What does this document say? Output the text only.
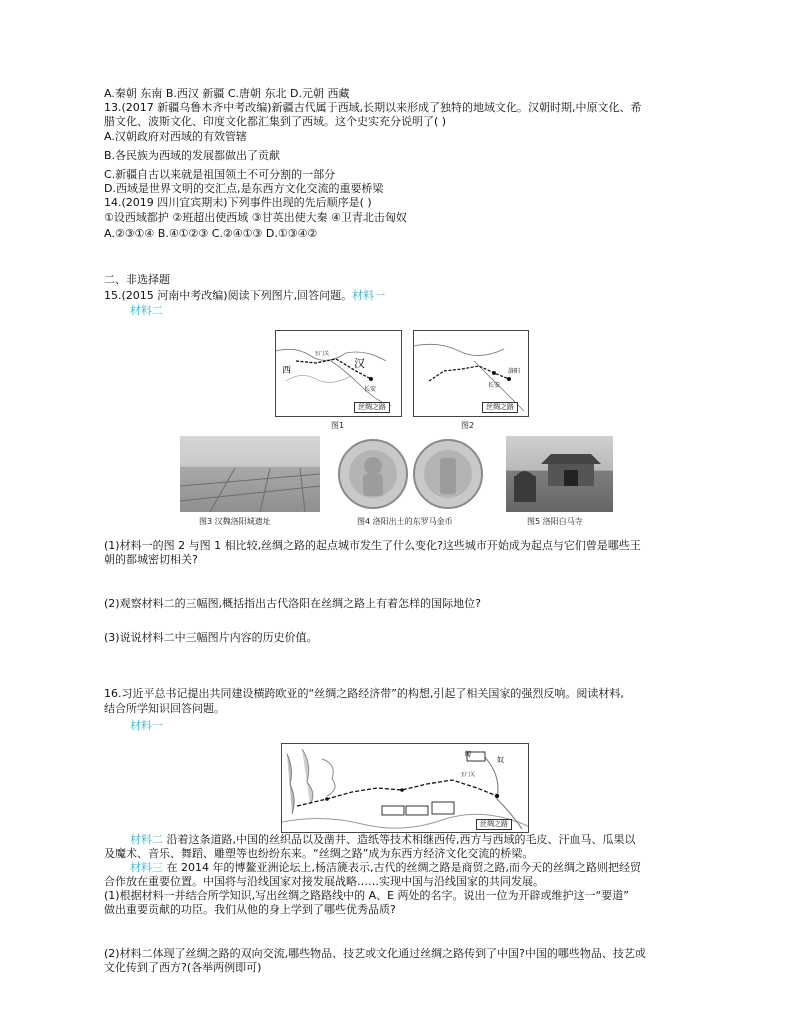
A.秦朝 东南 B.西汉 新疆 C.唐朝 东北 D.元朝 西藏
13.(2017 新疆乌鲁木齐中考改编)新疆古代属于西域,长期以来形成了独特的地域文化。汉朝时期,中原文化、希
腊文化、波斯文化、印度文化都汇集到了西域。这个史实充分说明了( )
A.汉朝政府对西域的有效管辖
B.各民族为西域的发展都做出了贡献
C.新疆自古以来就是祖国领土不可分割的一部分
D.西域是世界文明的交汇点,是东西方文化交流的重要桥梁
14.(2019 四川宜宾期末)下列事件出现的先后顺序是( )
①设西域都护 ②班超出使西域 ③甘英出使大秦 ④卫青北击匈奴
A.②③①④ B.④①②③ C.②④①③ D.①③④②
二、非选择题
15.(2015 河南中考改编)阅读下列图片,回答问题。材料一
材料二
西
汉
长安
玉门关
丝绸之路
图1
长安
洛阳
丝绸之路
图2
图3 汉魏洛阳城遗址	图4 洛阳出土的东罗马金币	图5 洛阳白马寺
(1)材料一的图 2 与图 1 相比较,丝绸之路的起点城市发生了什么变化?这些城市开始成为起点与它们曾是哪些王
朝的都城密切相关?
(2)观察材料二的三幅图,概括指出古代洛阳在丝绸之路上有着怎样的国际地位?
(3)说说材料二中三幅图片内容的历史价值。
16.习近平总书记提出共同建设横跨欧亚的“丝绸之路经济带”的构想,引起了相关国家的强烈反响。阅读材料,
结合所学知识回答问题。
材料一
匈
奴
玉门关
丝绸之路
材料二 沿着这条道路,中国的丝织品以及凿井、造纸等技术相继西传,西方与西域的毛皮、汗血马、瓜果以
及魔术、音乐、舞蹈、雕塑等也纷纷东来。“丝绸之路”成为东西方经济文化交流的桥梁。
材料三 在 2014 年的博鳌亚洲论坛上,杨洁篪表示,古代的丝绸之路是商贸之路,而今天的丝绸之路则把经贸
合作放在重要位置。中国将与沿线国家对接发展战略……实现中国与沿线国家的共同发展。
(1)根据材料一并结合所学知识,写出丝绸之路路线中的 A、E 两处的名字。说出一位为开辟或维护这一“要道”
做出重要贡献的功臣。我们从他的身上学到了哪些优秀品质?
(2)材料二体现了丝绸之路的双向交流,哪些物品、技艺或文化通过丝绸之路传到了中国?中国的哪些物品、技艺或
文化传到了西方?(各举两例即可)
